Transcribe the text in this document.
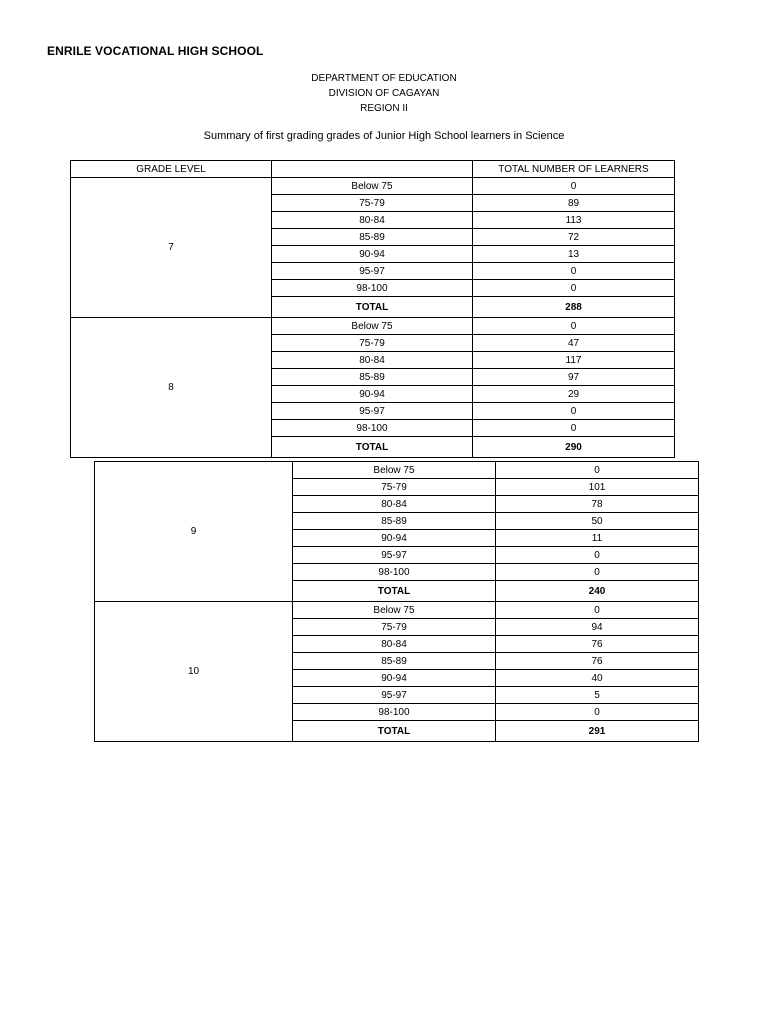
ENRILE VOCATIONAL HIGH SCHOOL
DEPARTMENT OF EDUCATION
DIVISION OF CAGAYAN
REGION II
Summary of first grading grades of Junior High School learners in Science
GRADE LEVEL		TOTAL NUMBER OF LEARNERS
7	Below 75	0
	75-79	89
	80-84	113
	85-89	72
	90-94	13
	95-97	0
	98-100	0
	TOTAL	288
8	Below 75	0
	75-79	47
	80-84	117
	85-89	97
	90-94	29
	95-97	0
	98-100	0
	TOTAL	290
9	Below 75	0
	75-79	101
	80-84	78
	85-89	50
	90-94	11
	95-97	0
	98-100	0
	TOTAL	240
10	Below 75	0
	75-79	94
	80-84	76
	85-89	76
	90-94	40
	95-97	5
	98-100	0
	TOTAL	291
